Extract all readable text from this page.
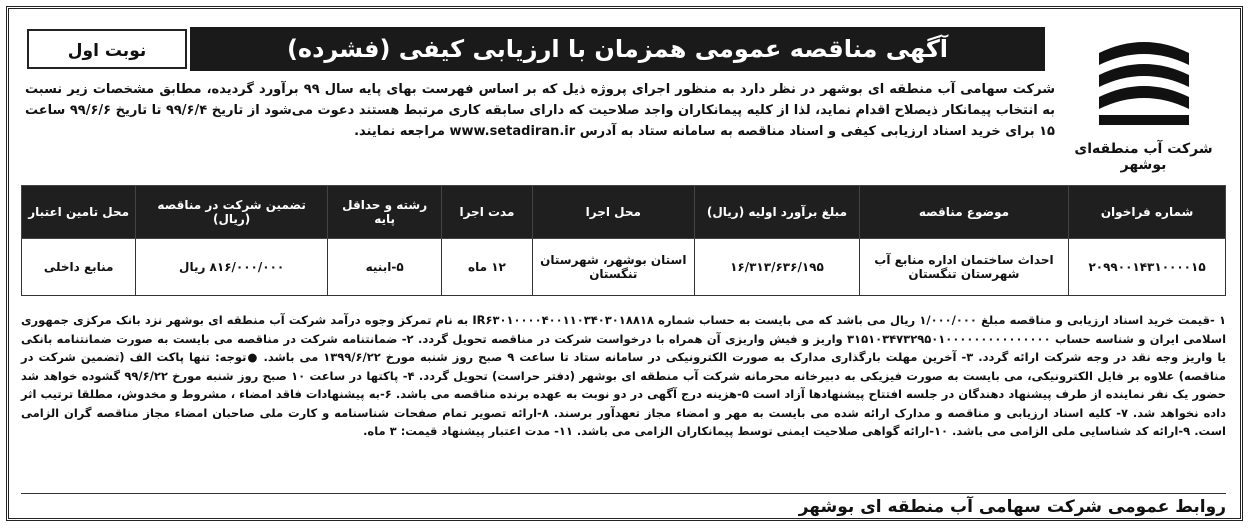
شرکت آب منطقه‌ای بوشهر
آگهی مناقصه عمومی همزمان با ارزیابی کیفی (فشرده)
نوبت اول

شرکت سهامی آب منطقه ای بوشهر در نظر دارد به منظور اجرای پروژه ذیل که بر اساس فهرست بهای پایه سال ۹۹ برآورد گردیده، مطابق مشخصات زیر نسبت به انتخاب پیمانکار ذیصلاح اقدام نماید، لذا از کلیه پیمانکاران واجد صلاحیت که دارای سابقه کاری مرتبط هستند دعوت می‌شود از تاریخ ۹۹/۶/۴ تا تاریخ ۹۹/۶/۶ ساعت ۱۵ برای خرید اسناد ارزیابی کیفی و اسناد مناقصه به سامانه ستاد به آدرس www.setadiran.ir مراجعه نمایند.

شماره فراخوان	موضوع مناقصه	مبلغ برآورد اولیه (ریال)	محل اجرا	مدت اجرا	رشته و حداقل پایه	تضمین شرکت در مناقصه (ریال)	محل تامین اعتبار
۲۰۹۹۰۰۱۴۳۱۰۰۰۰۱۵	احداث ساختمان اداره منابع آب شهرستان تنگستان	۱۶/۳۱۳/۶۳۶/۱۹۵	استان بوشهر، شهرستان تنگستان	۱۲ ماه	۵-ابنیه	۸۱۶/۰۰۰/۰۰۰ ریال	منابع داخلی

۱ -قیمت خرید اسناد ارزیابی و مناقصه مبلغ ۱/۰۰۰/۰۰۰ ریال می باشد که می بایست به حساب شماره IR۶۳۰۱۰۰۰۰۴۰۰۱۱۰۳۴۰۳۰۱۸۸۱۸ به نام تمرکز وجوه درآمد شرکت آب منطقه ای بوشهر نزد بانک مرکزی جمهوری اسلامی ایران و شناسه حساب ۳۱۵۱۰۳۴۷۳۲۹۵۰۱۰۰۰۰۰۰۰۰۰۰۰۰۰۰۰ واریز و فیش واریزی آن همراه با درخواست شرکت در مناقصه تحویل گردد. ۲- ضمانتنامه شرکت در مناقصه می بایست به صورت ضمانتنامه بانکی یا واریز وجه نقد در وجه شرکت ارائه گردد. ۳- آخرین مهلت بارگذاری مدارک به صورت الکترونیکی در سامانه ستاد تا ساعت ۹ صبح روز شنبه مورخ ۱۳۹۹/۶/۲۲ می باشد. ●توجه: تنها پاکت الف (تضمین شرکت در مناقصه) علاوه بر فایل الکترونیکی، می بایست به صورت فیزیکی به دبیرخانه محرمانه شرکت آب منطقه ای بوشهر (دفتر حراست) تحویل گردد. ۴- پاکتها در ساعت ۱۰ صبح روز شنبه مورخ ۹۹/۶/۲۲ گشوده خواهد شد حضور یک نفر نماینده از طرف پیشنهاد دهندگان در جلسه افتتاح پیشنهادها آزاد است ۵-هزینه درج آگهی در دو نوبت به عهده برنده مناقصه می باشد. ۶-به پیشنهادات فاقد امضاء ، مشروط و مخدوش، مطلقا ترتیب اثر داده نخواهد شد. ۷- کلیه اسناد ارزیابی و مناقصه و مدارک ارائه شده می بایست به مهر و امضاء مجاز تعهدآور برسند. ۸-ارائه تصویر تمام صفحات شناسنامه و کارت ملی صاحبان امضاء مجاز مناقصه گران الزامی است. ۹-ارائه کد شناسایی ملی الزامی می باشد. ۱۰-ارائه گواهی صلاحیت ایمنی توسط پیمانکاران الزامی می باشد. ۱۱- مدت اعتبار پیشنهاد قیمت: ۳ ماه.

روابط عمومی شرکت سهامی آب منطقه ای بوشهر
